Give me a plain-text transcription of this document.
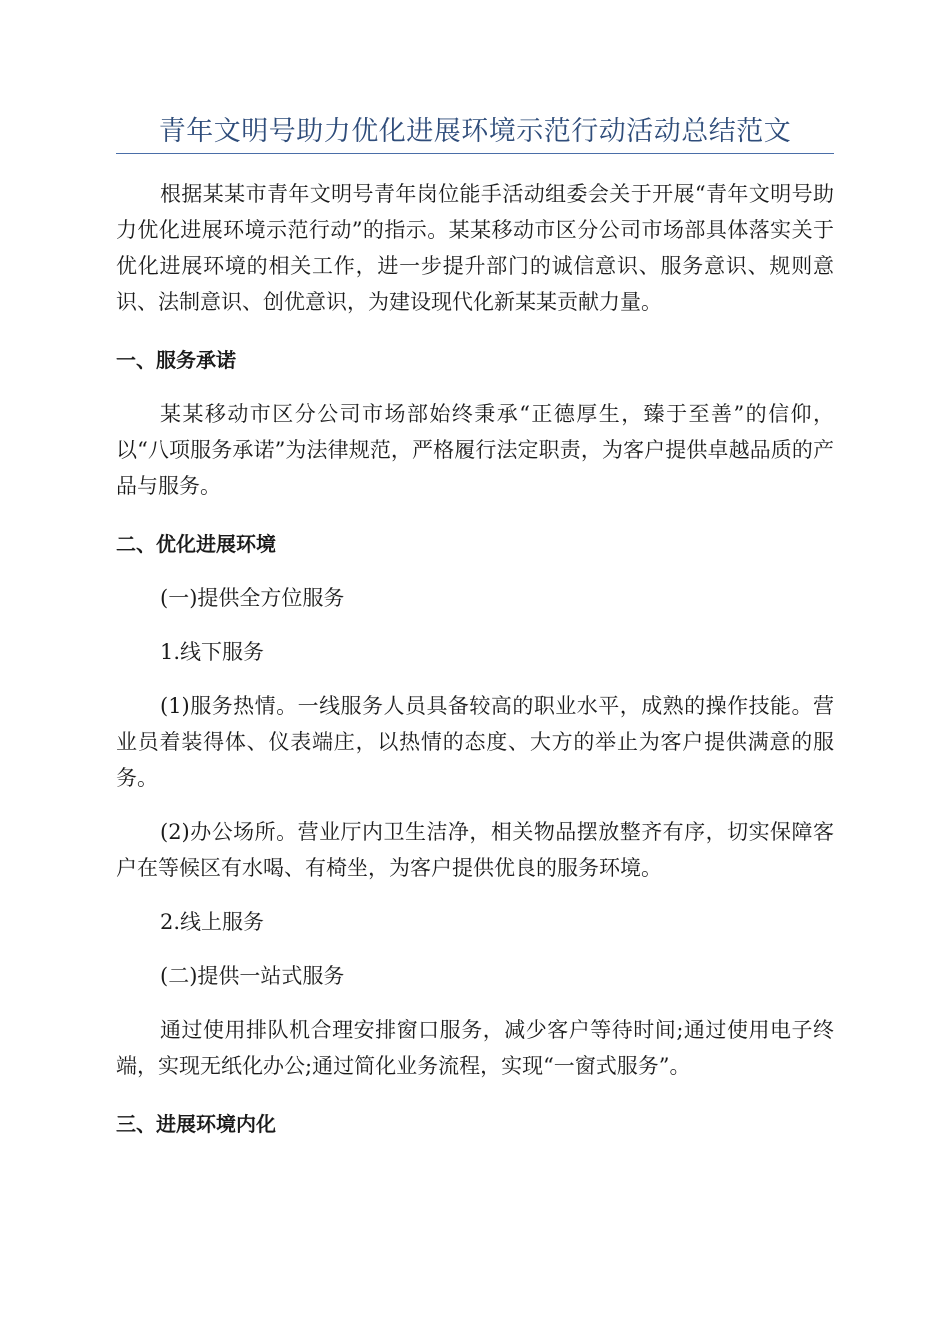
青年文明号助力优化进展环境示范行动活动总结范文

根据某某市青年文明号青年岗位能手活动组委会关于开展“青年文明号助力优化进展环境示范行动”的指示。某某移动市区分公司市场部具体落实关于优化进展环境的相关工作，进一步提升部门的诚信意识、服务意识、规则意识、法制意识、创优意识，为建设现代化新某某贡献力量。

一、服务承诺

某某移动市区分公司市场部始终秉承“正德厚生，臻于至善”的信仰，以“八项服务承诺”为法律规范，严格履行法定职责，为客户提供卓越品质的产品与服务。

二、优化进展环境

(一)提供全方位服务

1.线下服务

(1)服务热情。一线服务人员具备较高的职业水平，成熟的操作技能。营业员着装得体、仪表端庄，以热情的态度、大方的举止为客户提供满意的服务。

(2)办公场所。营业厅内卫生洁净，相关物品摆放整齐有序，切实保障客户在等候区有水喝、有椅坐，为客户提供优良的服务环境。

2.线上服务

(二)提供一站式服务

通过使用排队机合理安排窗口服务，减少客户等待时间;通过使用电子终端，实现无纸化办公;通过简化业务流程，实现“一窗式服务”。

三、进展环境内化
